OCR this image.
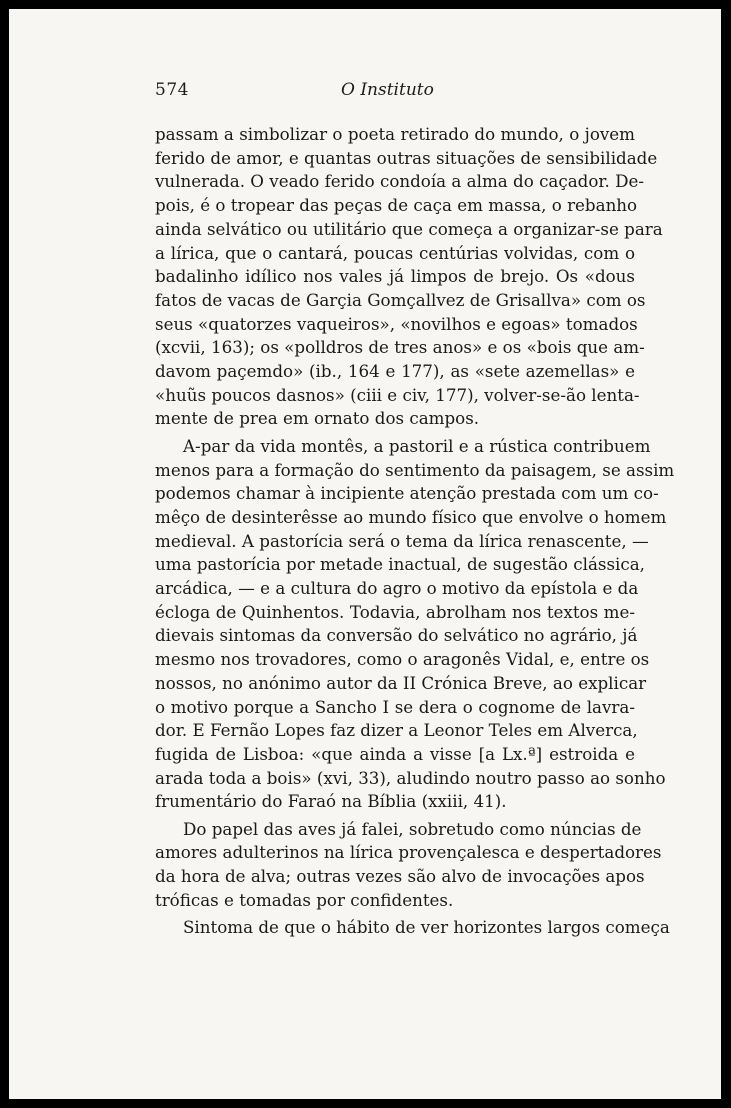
574	O Instituto
passam a simbolizar o poeta retirado do mundo, o jovem
ferido de amor, e quantas outras situações de sensibilidade
vulnerada. O veado ferido condoía a alma do caçador. De-
pois, é o tropear das peças de caça em massa, o rebanho
ainda selvático ou utilitário que começa a organizar-se para
a lírica, que o cantará, poucas centúrias volvidas, com o
badalinho idílico nos vales já limpos de brejo. Os «dous
fatos de vacas de Garçia Gomçallvez de Grisallva» com os
seus «quatorzes vaqueiros», «novilhos e egoas» tomados
(xcvii, 163); os «polldros de tres anos» e os «bois que am-
davom paçemdo» (ib., 164 e 177), as «sete azemellas» e
«huũs poucos dasnos» (ciii e civ, 177), volver-se-ão lenta-
mente de prea em ornato dos campos.
A-par da vida montês, a pastoril e a rústica contribuem
menos para a formação do sentimento da paisagem, se assim
podemos chamar à incipiente atenção prestada com um co-
mêço de desinterêsse ao mundo físico que envolve o homem
medieval. A pastorícia será o tema da lírica renascente, —
uma pastorícia por metade inactual, de sugestão clássica,
arcádica, — e a cultura do agro o motivo da epístola e da
écloga de Quinhentos. Todavia, abrolham nos textos me-
dievais sintomas da conversão do selvático no agrário, já
mesmo nos trovadores, como o aragonês Vidal, e, entre os
nossos, no anónimo autor da II Crónica Breve, ao explicar
o motivo porque a Sancho I se dera o cognome de lavra-
dor. E Fernão Lopes faz dizer a Leonor Teles em Alverca,
fugida de Lisboa: «que ainda a visse [a Lx.ª] estroida e
arada toda a bois» (xvi, 33), aludindo noutro passo ao sonho
frumentário do Faraó na Bíblia (xxiii, 41).
Do papel das aves já falei, sobretudo como núncias de
amores adulterinos na lírica provençalesca e despertadores
da hora de alva; outras vezes são alvo de invocações apos
tróficas e tomadas por confidentes.
Sintoma de que o hábito de ver horizontes largos começa
